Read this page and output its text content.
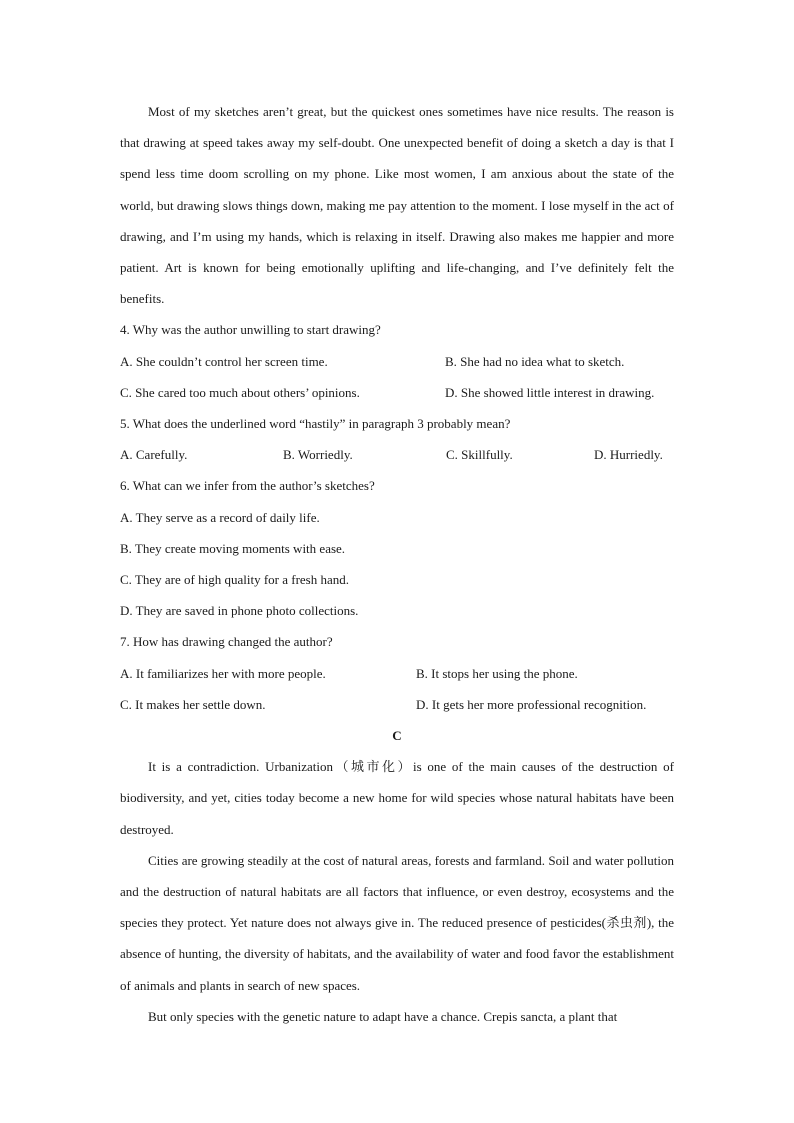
Most of my sketches aren’t great, but the quickest ones sometimes have nice results. The reason is that drawing at speed takes away my self-doubt. One unexpected benefit of doing a sketch a day is that I spend less time doom scrolling on my phone. Like most women, I am anxious about the state of the world, but drawing slows things down, making me pay attention to the moment. I lose myself in the act of drawing, and I’m using my hands, which is relaxing in itself. Drawing also makes me happier and more patient. Art is known for being emotionally uplifting and life-changing, and I’ve definitely felt the benefits.

4. Why was the author unwilling to start drawing?

A. She couldn’t control her screen time.	B. She had no idea what to sketch.
C. She cared too much about others’ opinions.	D. She showed little interest in drawing.

5. What does the underlined word “hastily” in paragraph 3 probably mean?

A. Carefully.	B. Worriedly.	C. Skillfully.	D. Hurriedly.

6. What can we infer from the author’s sketches?

A. They serve as a record of daily life.

B. They create moving moments with ease.

C. They are of high quality for a fresh hand.

D. They are saved in phone photo collections.

7. How has drawing changed the author?

A. It familiarizes her with more people.	B. It stops her using the phone.
C. It makes her settle down.	D. It gets her more professional recognition.

C

It is a contradiction. Urbanization（城市化）is one of the main causes of the destruction of biodiversity, and yet, cities today become a new home for wild species whose natural habitats have been destroyed.

Cities are growing steadily at the cost of natural areas, forests and farmland. Soil and water pollution and the destruction of natural habitats are all factors that influence, or even destroy, ecosystems and the species they protect. Yet nature does not always give in. The reduced presence of pesticides(杀虫剂), the absence of hunting, the diversity of habitats, and the availability of water and food favor the establishment of animals and plants in search of new spaces.

But only species with the genetic nature to adapt have a chance. Crepis sancta, a plant that
